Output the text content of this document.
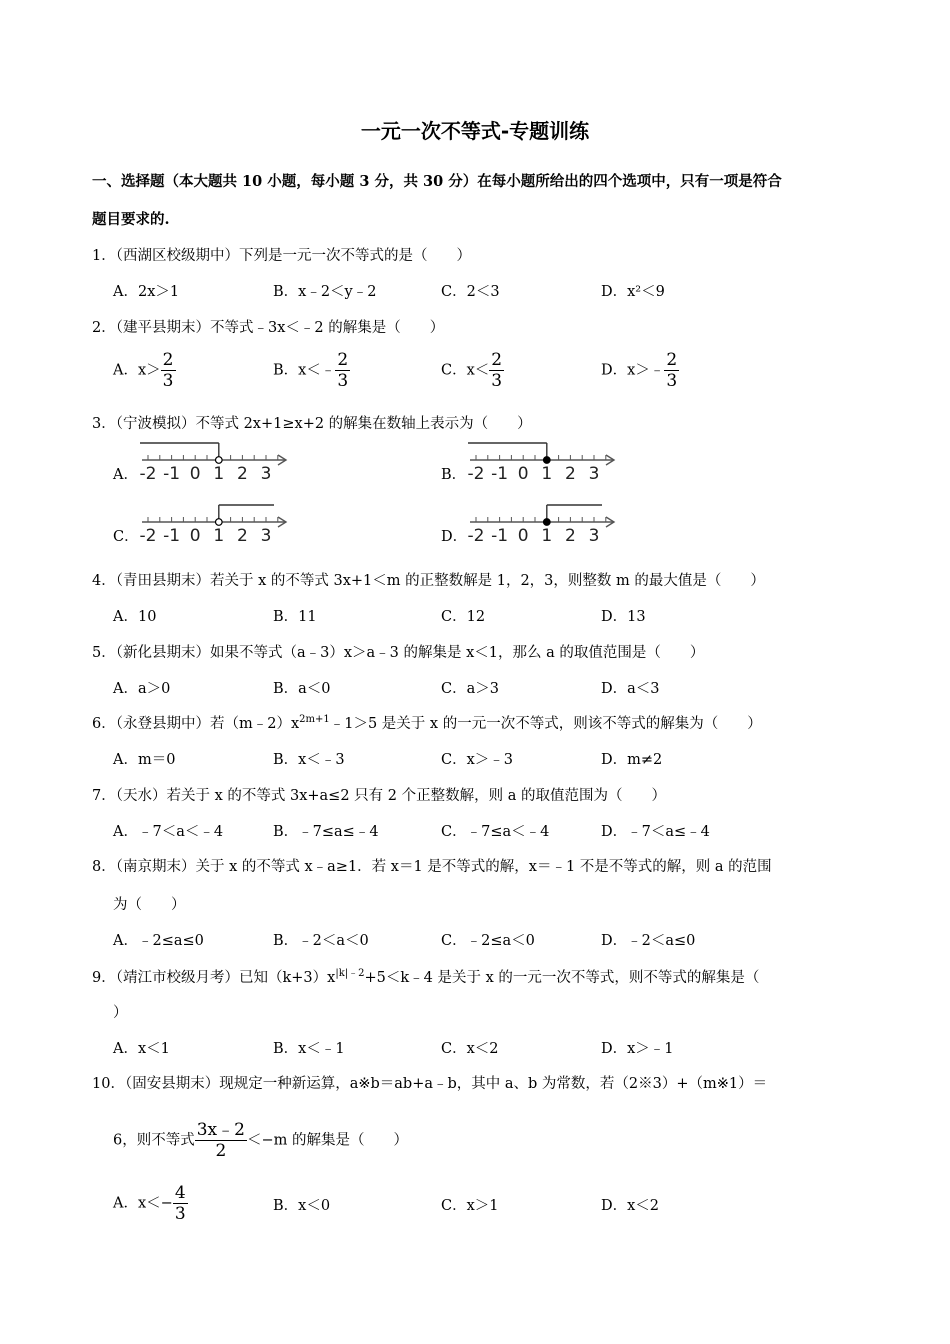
一元一次不等式-专题训练
一、选择题（本大题共 10 小题，每小题 3 分，共 30 分）在每小题所给出的四个选项中，只有一项是符合
题目要求的.
1．（西湖区校级期中）下列是一元一次不等式的是（　　）
A．2x＞1	B．x﹣2＜y﹣2	C．2＜3	D．x²＜9
2．（建平县期末）不等式﹣3x＜﹣2 的解集是（　　）
A．$x> \frac{2}{3}$	B．x＜﹣ $\frac{2}{3}$	C．$x< \frac{2}{3}$	D．x＞﹣ $\frac{2}{3}$
3．（宁波模拟）不等式 2x+1≥x+2 的解集在数轴上表示为（　　）
A．	B．
C．	D．
-2 -1 0 1 2 3	-2 -1 0 1 2 3
-2 -1 0 1 2 3	-2 -1 0 1 2 3
4．（青田县期末）若关于 x 的不等式 3x+1＜m 的正整数解是 1，2，3，则整数 m 的最大值是（　　）
A．10	B．11	C．12	D．13
5．（新化县期末）如果不等式（a﹣3）x＞a﹣3 的解集是 x＜1，那么 a 的取值范围是（　　）
A．a＞0	B．a＜0	C．a＞3	D．a＜3
6．（永登县期中）若$(m﹣2)x^{2m+1}﹣1>5$ 是关于 x 的一元一次不等式，则该不等式的解集为（　　）
A．m＝0	B．x＜﹣3	C．x＞﹣3	D．m≠2
7．（天水）若关于 x 的不等式 3x+a≤2 只有 2 个正整数解，则 a 的取值范围为（　　）
A．﹣7＜a＜﹣4	B．﹣7≤a≤﹣4	C．﹣7≤a＜﹣4	D．﹣7＜a≤﹣4
8．（南京期末）关于 x 的不等式 x﹣a≥1．若 x＝1 是不等式的解，x＝﹣1 不是不等式的解，则 a 的范围
为（　　）
A．﹣2≤a≤0	B．﹣2＜a＜0	C．﹣2≤a＜0	D．﹣2＜a≤0
9．（靖江市校级月考）已知$(k+3)x^{|k|﹣2}+5<k﹣4$ 是关于 x 的一元一次不等式，则不等式的解集是（
）
A．x＜1	B．x＜﹣1	C．x＜2	D．x＞﹣1
10．（固安县期末）现规定一种新运算，a※b＝ab+a﹣b，其中 a、b 为常数，若（2※3）+（m※1）＝
6，则不等式 $\frac{3x﹣2}{2} <-m$ 的解集是（　　）
A．$x<- \frac{4}{3}$	B．x＜0	C．x＞1	D．x＜2
